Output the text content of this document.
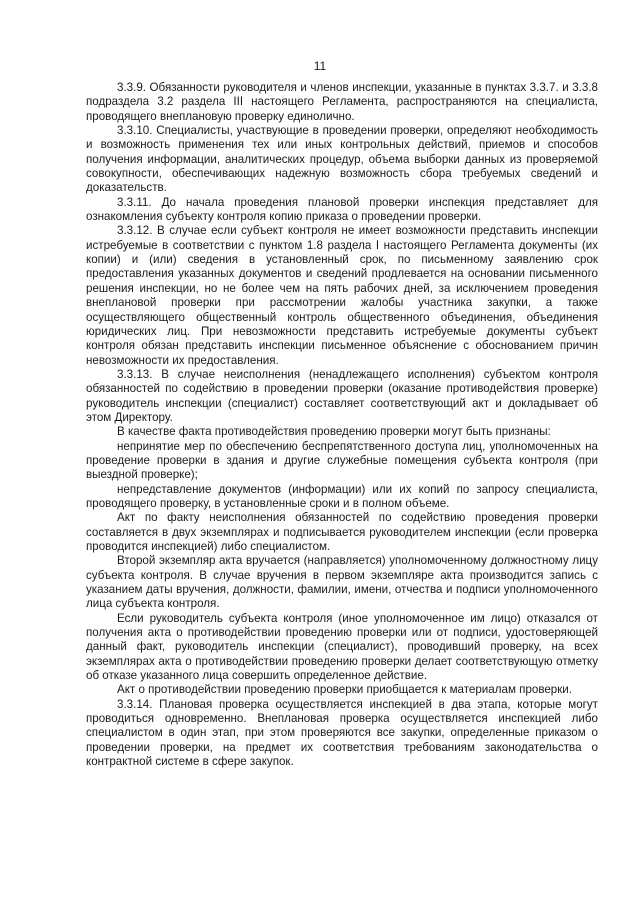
11

3.3.9. Обязанности руководителя и членов инспекции, указанные в пунктах 3.3.7. и 3.3.8 подраздела 3.2 раздела III настоящего Регламента, распространяются на специалиста, проводящего внеплановую проверку единолично.

3.3.10. Специалисты, участвующие в проведении проверки, определяют необходимость и возможность применения тех или иных контрольных действий, приемов и способов получения информации, аналитических процедур, объема выборки данных из проверяемой совокупности, обеспечивающих надежную возможность сбора требуемых сведений и доказательств.

3.3.11. До начала проведения плановой проверки инспекция представляет для ознакомления субъекту контроля копию приказа о проведении проверки.

3.3.12. В случае если субъект контроля не имеет возможности представить инспекции истребуемые в соответствии с пунктом 1.8 раздела I настоящего Регламента документы (их копии) и (или) сведения в установленный срок, по письменному заявлению срок предоставления указанных документов и сведений продлевается на основании письменного решения инспекции, но не более чем на пять рабочих дней, за исключением проведения внеплановой проверки при рассмотрении жалобы участника закупки, а также осуществляющего общественный контроль общественного объединения, объединения юридических лиц. При невозможности представить истребуемые документы субъект контроля обязан представить инспекции письменное объяснение с обоснованием причин невозможности их предоставления.

3.3.13. В случае неисполнения (ненадлежащего исполнения) субъектом контроля обязанностей по содействию в проведении проверки (оказание противодействия проверке) руководитель инспекции (специалист) составляет соответствующий акт и докладывает об этом Директору.

В качестве факта противодействия проведению проверки могут быть признаны:

непринятие мер по обеспечению беспрепятственного доступа лиц, уполномоченных на проведение проверки в здания и другие служебные помещения субъекта контроля (при выездной проверке);

непредставление документов (информации) или их копий по запросу специалиста, проводящего проверку, в установленные сроки и в полном объеме.

Акт по факту неисполнения обязанностей по содействию проведения проверки составляется в двух экземплярах и подписывается руководителем инспекции (если проверка проводится инспекцией) либо специалистом.

Второй экземпляр акта вручается (направляется) уполномоченному должностному лицу субъекта контроля. В случае вручения в первом экземпляре акта производится запись с указанием даты вручения, должности, фамилии, имени, отчества и подписи уполномоченного лица субъекта контроля.

Если руководитель субъекта контроля (иное уполномоченное им лицо) отказался от получения акта о противодействии проведению проверки или от подписи, удостоверяющей данный факт, руководитель инспекции (специалист), проводивший проверку, на всех экземплярах акта о противодействии проведению проверки делает соответствующую отметку об отказе указанного лица совершить определенное действие.

Акт о противодействии проведению проверки приобщается к материалам проверки.

3.3.14. Плановая проверка осуществляется инспекцией в два этапа, которые могут проводиться одновременно. Внеплановая проверка осуществляется инспекцией либо специалистом в один этап, при этом проверяются все закупки, определенные приказом о проведении проверки, на предмет их соответствия требованиям законодательства о контрактной системе в сфере закупок.
